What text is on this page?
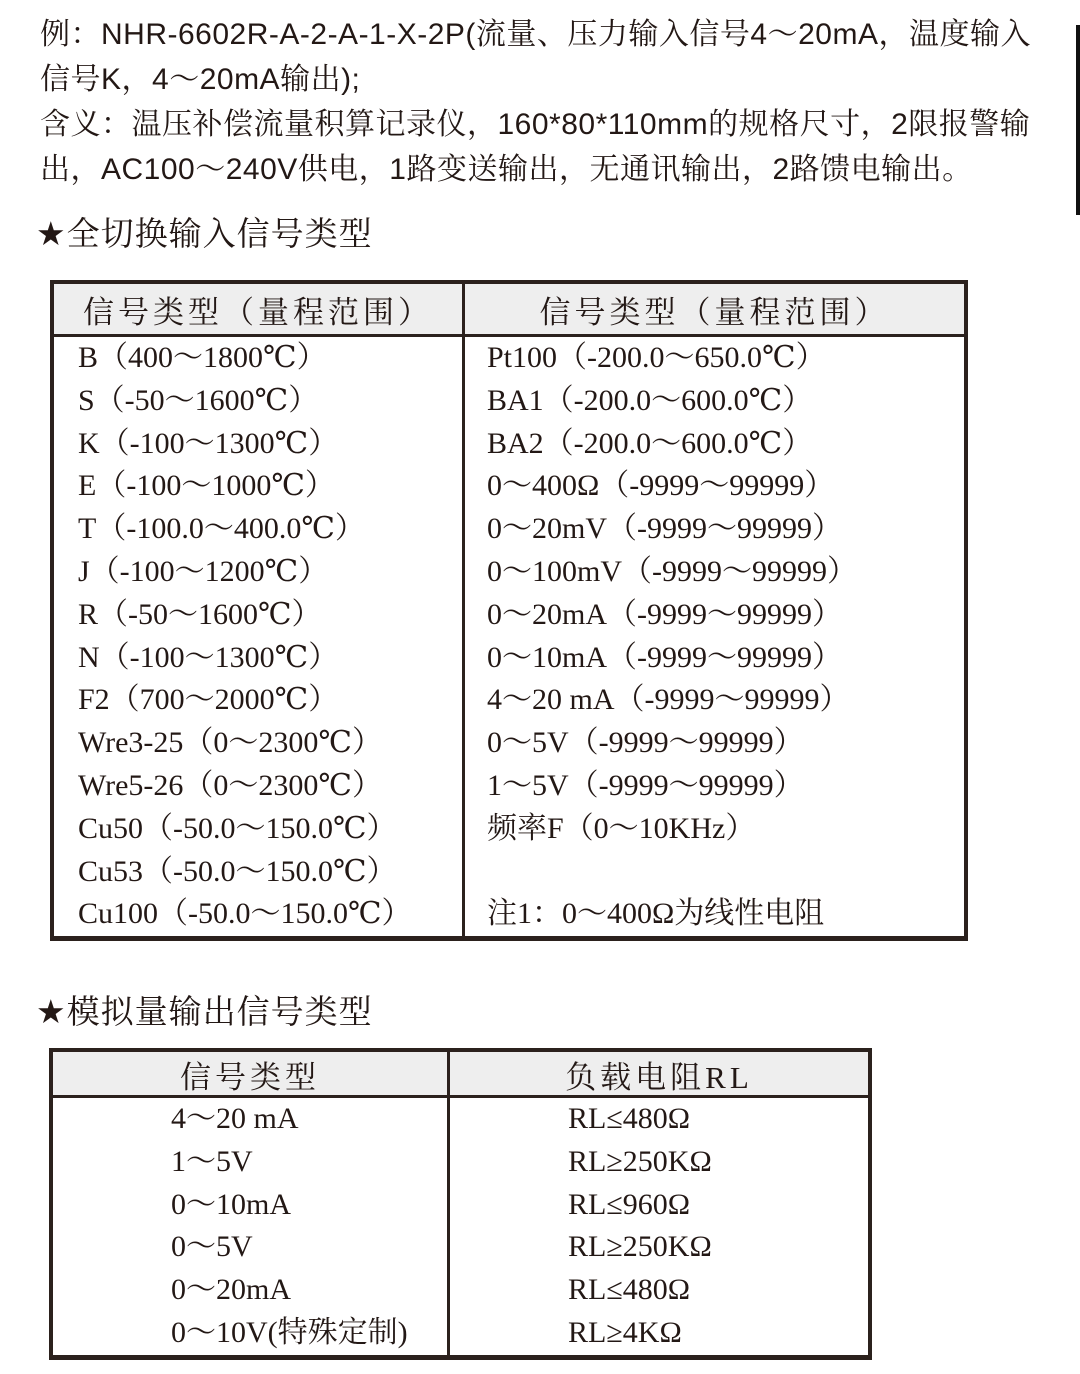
例：NHR-6602R-A-2-A-1-X-2P(流量、压力输入信号4～20mA，温度输入
信号K，4～20mA输出);
含义：温压补偿流量积算记录仪，160*80*110mm的规格尺寸，2限报警输
出，AC100～240V供电，1路变送输出，无通讯输出，2路馈电输出。
★全切换输入信号类型
信号类型（量程范围）	信号类型（量程范围）
B（400～1800℃）	Pt100（-200.0～650.0℃）
S（-50～1600℃）	BA1（-200.0～600.0℃）
K（-100～1300℃）	BA2（-200.0～600.0℃）
E（-100～1000℃）	0～400Ω（-9999～99999）
T（-100.0～400.0℃）	0～20mV（-9999～99999）
J（-100～1200℃）	0～100mV（-9999～99999）
R（-50～1600℃）	0～20mA（-9999～99999）
N（-100～1300℃）	0～10mA（-9999～99999）
F2（700～2000℃）	4～20 mA（-9999～99999）
Wre3-25（0～2300℃）	0～5V（-9999～99999）
Wre5-26（0～2300℃）	1～5V（-9999～99999）
Cu50（-50.0～150.0℃）	频率F（0～10KHz）
Cu53（-50.0～150.0℃）
Cu100（-50.0～150.0℃）	注1：0～400Ω为线性电阻
★模拟量输出信号类型
信号类型	负载电阻RL
4～20 mA	RL≤480Ω
1～5V	RL≥250KΩ
0～10mA	RL≤960Ω
0～5V	RL≥250KΩ
0～20mA	RL≤480Ω
0～10V(特殊定制)	RL≥4KΩ
